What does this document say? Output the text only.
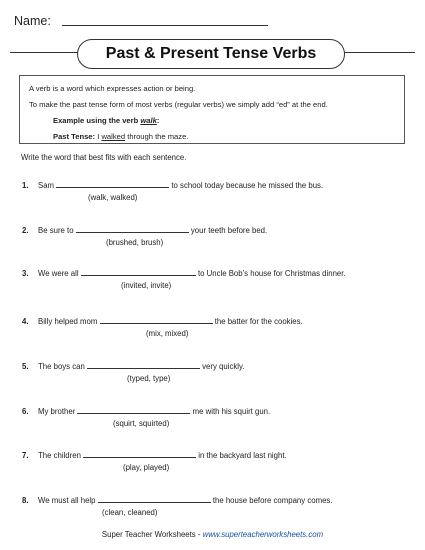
Name:
Past & Present Tense Verbs
A verb is a word which expresses action or being.
To make the past tense form of most verbs (regular verbs) we simply add “ed” at the end.
Example using the verb walk:
Past Tense: I walked through the maze.
Write the word that best fits with each sentence.
1. Sam	to school today because he missed the bus.
(walk, walked)
2. Be sure to	your teeth before bed.
(brushed, brush)
3. We were all	to Uncle Bob’s house for Christmas dinner.
(invited, invite)
4. Billy helped mom	the batter for the cookies.
(mix, mixed)
5. The boys can	very quickly.
(typed, type)
6. My brother	me with his squirt gun.
(squirt, squirted)
7. The children	in the backyard last night.
(play, played)
8. We must all help	the house before company comes.
(clean, cleaned)
Super Teacher Worksheets - www.superteacherworksheets.com
